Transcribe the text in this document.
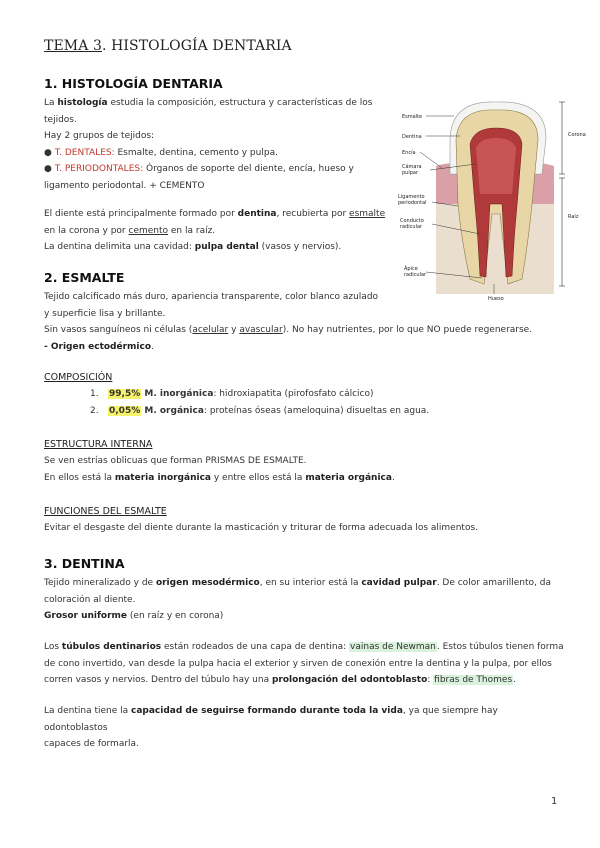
TEMA 3. HISTOLOGÍA DENTARIA
1. HISTOLOGÍA DENTARIA
La histología estudia la composición, estructura y características de los
tejidos.
Hay 2 grupos de tejidos:
● T. DENTALES: Esmalte, dentina, cemento y pulpa.
● T. PERIODONTALES: Órganos de soporte del diente, encía, hueso y
ligamento periodontal. + CEMENTO
El diente está principalmente formado por dentina, recubierta por esmalte
en la corona y por cemento en la raíz.
La dentina delimita una cavidad: pulpa dental (vasos y nervios).
Esmalte
Dentina
Encía
Cámara
pulpar
Ligamento
periodontal
Conducto
radicular
Ápice
radicular
Hueso
Corona
Raíz
2. ESMALTE
Tejido calcificado más duro, apariencia transparente, color blanco azulado
y superficie lisa y brillante.
Sin vasos sanguíneos ni células (acelular y avascular). No hay nutrientes, por lo que NO puede regenerarse.
- Origen ectodérmico.
COMPOSICIÓN
1. 99,5% M. inorgánica: hidroxiapatita (pirofosfato cálcico)
2. 0,05% M. orgánica: proteínas óseas (ameloquina) disueltas en agua.
ESTRUCTURA INTERNA
Se ven estrías oblicuas que forman PRISMAS DE ESMALTE.
En ellos está la materia inorgánica y entre ellos está la materia orgánica.
FUNCIONES DEL ESMALTE
Evitar el desgaste del diente durante la masticación y triturar de forma adecuada los alimentos.
3. DENTINA
Tejido mineralizado y de origen mesodérmico, en su interior está la cavidad pulpar. De color amarillento, da
coloración al diente.
Grosor uniforme (en raíz y en corona)
Los túbulos dentinarios están rodeados de una capa de dentina: vainas de Newman. Estos túbulos tienen forma
de cono invertido, van desde la pulpa hacia el exterior y sirven de conexión entre la dentina y la pulpa, por ellos
corren vasos y nervios. Dentro del túbulo hay una prolongación del odontoblasto: fibras de Thomes.
La dentina tiene la capacidad de seguirse formando durante toda la vida, ya que siempre hay odontoblastos
capaces de formarla.
1
